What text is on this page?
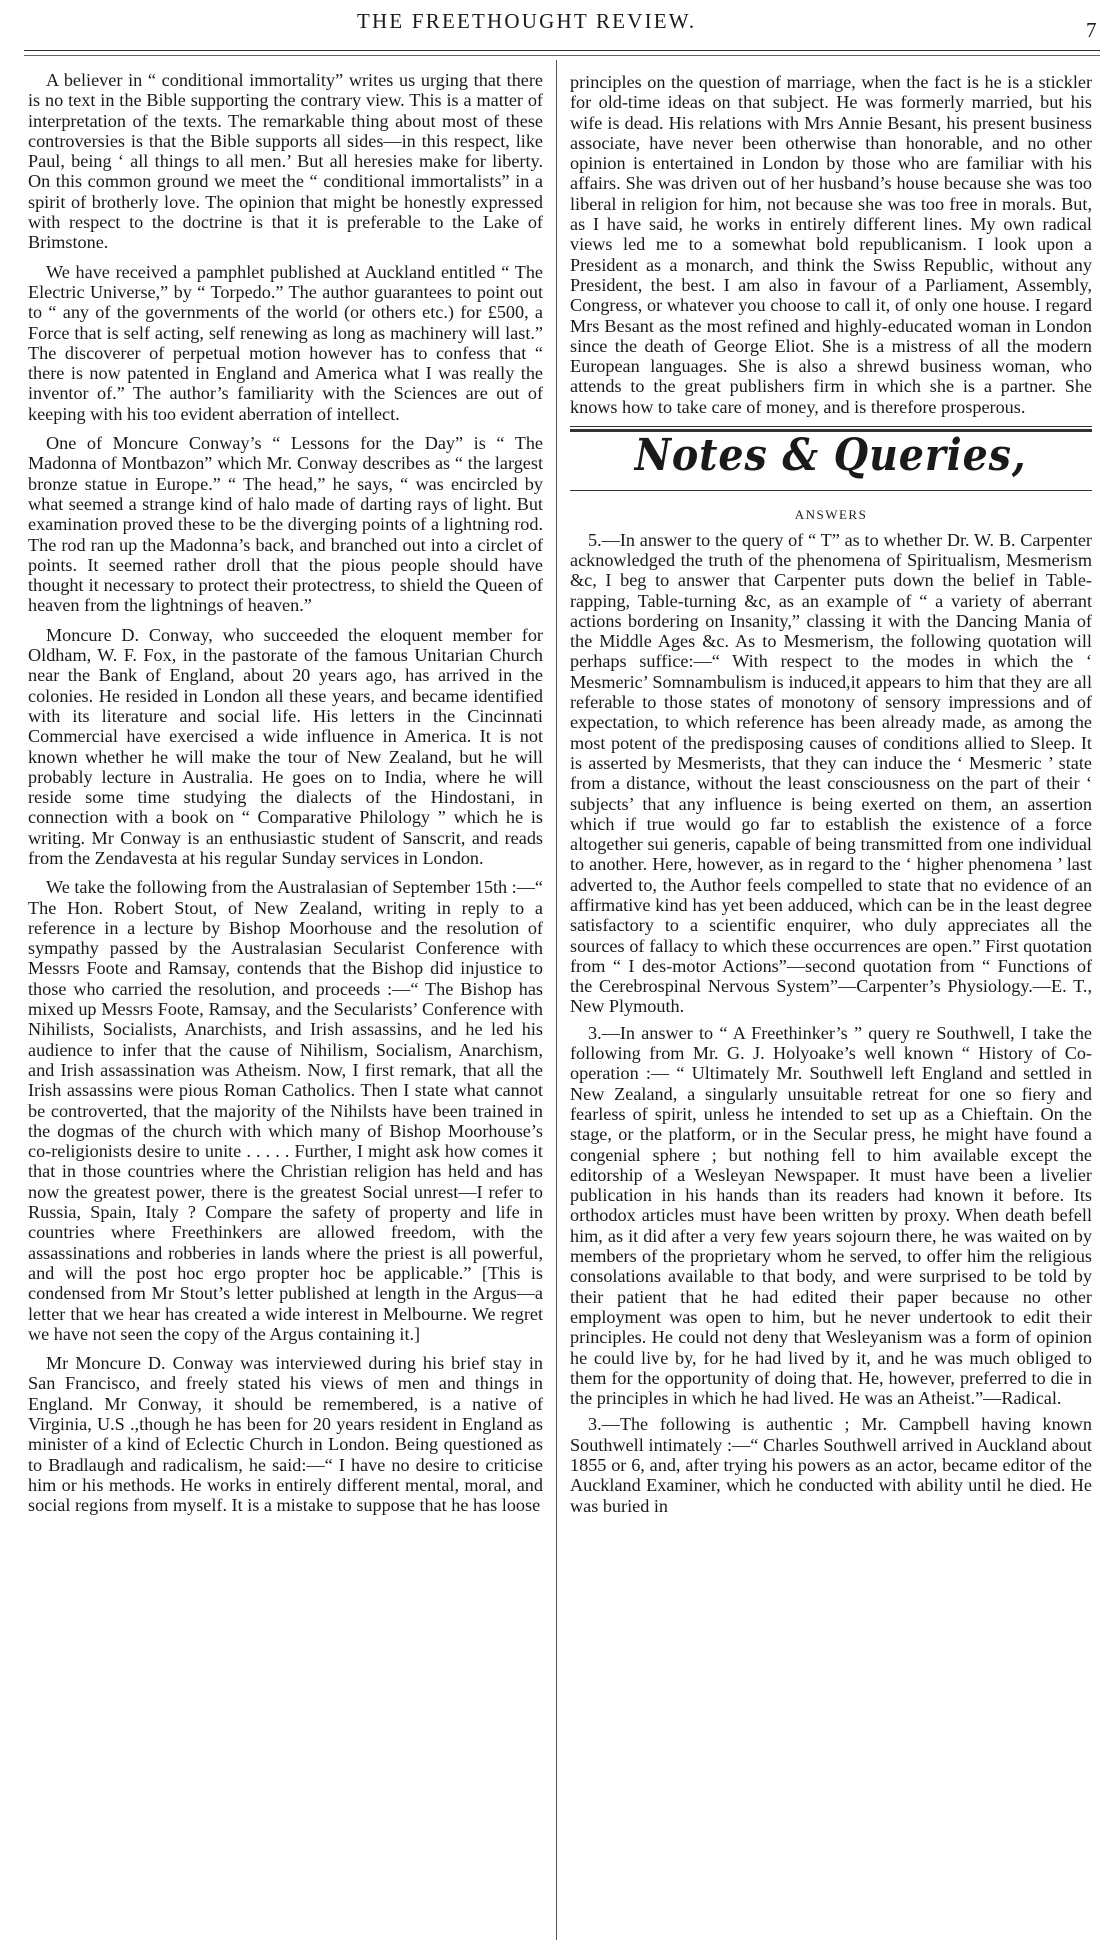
THE FREETHOUGHT REVIEW.	7

A believer in “ conditional immortality” writes us urging that there is no text in the Bible supporting the contrary view. This is a matter of interpretation of the texts. The remarkable thing about most of these controversies is that the Bible supports all sides—in this respect, like Paul, being ‘ all things to all men.’ But all heresies make for liberty. On this common ground we meet the “ conditional immortalists” in a spirit of brotherly love. The opinion that might be honestly expressed with respect to the doctrine is that it is preferable to the Lake of Brimstone.

We have received a pamphlet published at Auckland entitled “ The Electric Universe,” by “ Torpedo.” The author guarantees to point out to “ any of the governments of the world (or others etc.) for £500, a Force that is self acting, self renewing as long as machinery will last.” The discoverer of perpetual motion however has to confess that “ there is now patented in England and America what I was really the inventor of.” The author’s familiarity with the Sciences are out of keeping with his too evident aberration of intellect.

One of Moncure Conway’s “ Lessons for the Day” is “ The Madonna of Montbazon” which Mr. Conway describes as “ the largest bronze statue in Europe.” “ The head,” he says, “ was encircled by what seemed a strange kind of halo made of darting rays of light. But examination proved these to be the diverging points of a lightning rod. The rod ran up the Madonna’s back, and branched out into a circlet of points. It seemed rather droll that the pious people should have thought it necessary to protect their protectress, to shield the Queen of heaven from the lightnings of heaven.”

Moncure D. Conway, who succeeded the eloquent member for Oldham, W. F. Fox, in the pastorate of the famous Unitarian Church near the Bank of England, about 20 years ago, has arrived in the colonies. He resided in London all these years, and became identified with its literature and social life. His letters in the Cincinnati Commercial have exercised a wide influence in America. It is not known whether he will make the tour of New Zealand, but he will probably lecture in Australia. He goes on to India, where he will reside some time studying the dialects of the Hindostani, in connection with a book on “ Comparative Philology ” which he is writing. Mr Conway is an enthusiastic student of Sanscrit, and reads from the Zendavesta at his regular Sunday services in London.

We take the following from the Australasian of September 15th :—“ The Hon. Robert Stout, of New Zealand, writing in reply to a reference in a lecture by Bishop Moorhouse and the resolution of sympathy passed by the Australasian Secularist Conference with Messrs Foote and Ramsay, contends that the Bishop did injustice to those who carried the resolution, and proceeds :—“ The Bishop has mixed up Messrs Foote, Ramsay, and the Secularists’ Conference with Nihilists, Socialists, Anarchists, and Irish assassins, and he led his audience to infer that the cause of Nihilism, Socialism, Anarchism, and Irish assassination was Atheism. Now, I first remark, that all the Irish assassins were pious Roman Catholics. Then I state what cannot be controverted, that the majority of the Nihilsts have been trained in the dogmas of the church with which many of Bishop Moorhouse’s co-religionists desire to unite . . . . . Further, I might ask how comes it that in those countries where the Christian religion has held and has now the greatest power, there is the greatest Social unrest—I refer to Russia, Spain, Italy ? Compare the safety of property and life in countries where Freethinkers are allowed freedom, with the assassinations and robberies in lands where the priest is all powerful, and will the post hoc ergo propter hoc be applicable.” [This is condensed from Mr Stout’s letter published at length in the Argus—a letter that we hear has created a wide interest in Melbourne. We regret we have not seen the copy of the Argus containing it.]

Mr Moncure D. Conway was interviewed during his brief stay in San Francisco, and freely stated his views of men and things in England. Mr Conway, it should be remembered, is a native of Virginia, U.S .,though he has been for 20 years resident in England as minister of a kind of Eclectic Church in London. Being questioned as to Bradlaugh and radicalism, he said:—“ I have no desire to criticise him or his methods. He works in entirely different mental, moral, and social regions from myself. It is a mistake to suppose that he has loose

principles on the question of marriage, when the fact is he is a stickler for old-time ideas on that subject. He was formerly married, but his wife is dead. His relations with Mrs Annie Besant, his present business associate, have never been otherwise than honorable, and no other opinion is entertained in London by those who are familiar with his affairs. She was driven out of her husband’s house because she was too liberal in religion for him, not because she was too free in morals. But, as I have said, he works in entirely different lines. My own radical views led me to a somewhat bold republicanism. I look upon a President as a monarch, and think the Swiss Republic, without any President, the best. I am also in favour of a Parliament, Assembly, Congress, or whatever you choose to call it, of only one house. I regard Mrs Besant as the most refined and highly-educated woman in London since the death of George Eliot. She is a mistress of all the modern European languages. She is also a shrewd business woman, who attends to the great publishers firm in which she is a partner. She knows how to take care of money, and is therefore prosperous.

Notes & Queries,
ANSWERS

5.—In answer to the query of “ T” as to whether Dr. W. B. Carpenter acknowledged the truth of the phenomena of Spiritualism, Mesmerism &c, I beg to answer that Carpenter puts down the belief in Table-rapping, Table-turning &c, as an example of “ a variety of aberrant actions bordering on Insanity,” classing it with the Dancing Mania of the Middle Ages &c. As to Mesmerism, the following quotation will perhaps suffice:—“ With respect to the modes in which the ‘ Mesmeric’ Somnambulism is induced,it appears to him that they are all referable to those states of monotony of sensory impressions and of expectation, to which reference has been already made, as among the most potent of the predisposing causes of conditions allied to Sleep. It is asserted by Mesmerists, that they can induce the ‘ Mesmeric ’ state from a distance, without the least consciousness on the part of their ‘ subjects’ that any influence is being exerted on them, an assertion which if true would go far to establish the existence of a force altogether sui generis, capable of being transmitted from one individual to another. Here, however, as in regard to the ‘ higher phenomena ’ last adverted to, the Author feels compelled to state that no evidence of an affirmative kind has yet been adduced, which can be in the least degree satisfactory to a scientific enquirer, who duly appreciates all the sources of fallacy to which these occurrences are open.” First quotation from “ I des-motor Actions”—second quotation from “ Functions of the Cerebrospinal Nervous System”—Carpenter’s Physiology.—E. T., New Plymouth.

3.—In answer to “ A Freethinker’s ” query re Southwell, I take the following from Mr. G. J. Holyoake’s well known “ History of Co-operation :— “ Ultimately Mr. Southwell left England and settled in New Zealand, a singularly unsuitable retreat for one so fiery and fearless of spirit, unless he intended to set up as a Chieftain. On the stage, or the platform, or in the Secular press, he might have found a congenial sphere ; but nothing fell to him available except the editorship of a Wesleyan Newspaper. It must have been a livelier publication in his hands than its readers had known it before. Its orthodox articles must have been written by proxy. When death befell him, as it did after a very few years sojourn there, he was waited on by members of the proprietary whom he served, to offer him the religious consolations available to that body, and were surprised to be told by their patient that he had edited their paper because no other employment was open to him, but he never undertook to edit their principles. He could not deny that Wesleyanism was a form of opinion he could live by, for he had lived by it, and he was much obliged to them for the opportunity of doing that. He, however, preferred to die in the principles in which he had lived. He was an Atheist.”—Radical.

3.—The following is authentic ; Mr. Campbell having known Southwell intimately :—“ Charles Southwell arrived in Auckland about 1855 or 6, and, after trying his powers as an actor, became editor of the Auckland Examiner, which he conducted with ability until he died. He was buried in
